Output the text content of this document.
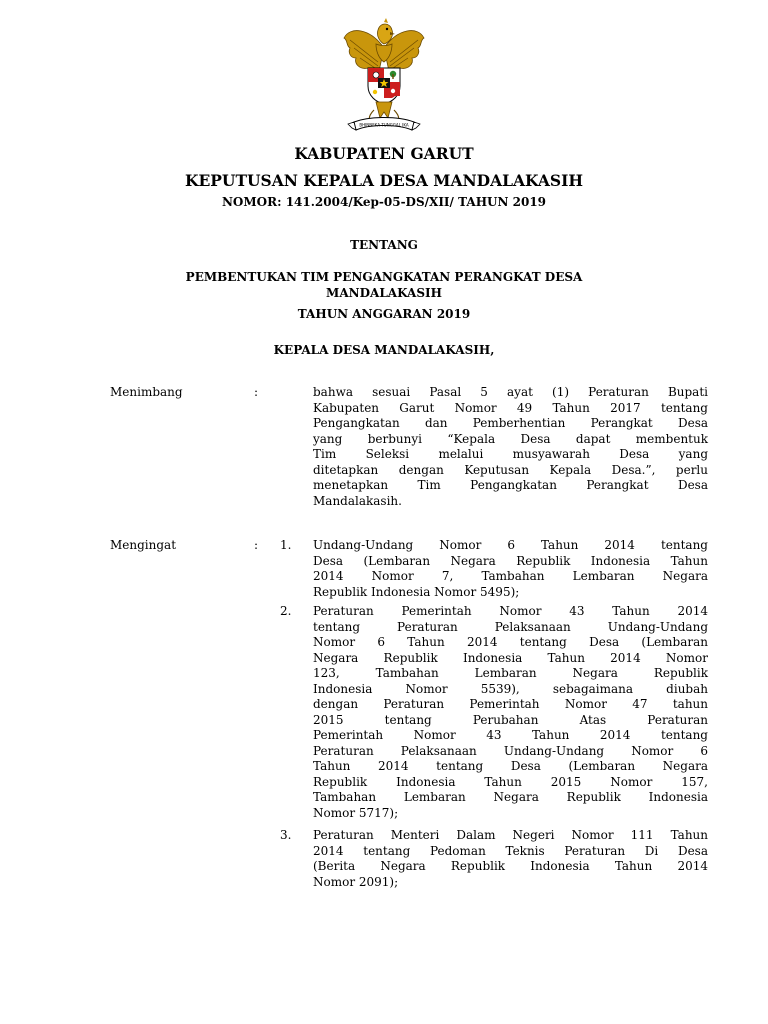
BHINNEKA TUNGGAL IKA
KABUPATEN GARUT
KEPUTUSAN KEPALA DESA MANDALAKASIH
NOMOR: 141.2004/Kep-05-DS/XII/ TAHUN 2019
TENTANG
PEMBENTUKAN TIM PENGANGKATAN PERANGKAT DESA
MANDALAKASIH
TAHUN ANGGARAN 2019
KEPALA DESA MANDALAKASIH,
Menimbang	:	bahwa sesuai Pasal 5 ayat (1) Peraturan Bupati
Kabupaten Garut Nomor 49 Tahun 2017 tentang
Pengangkatan dan Pemberhentian Perangkat Desa
yang berbunyi “Kepala Desa dapat membentuk
Tim Seleksi melalui musyawarah Desa yang
ditetapkan dengan Keputusan Kepala Desa.”, perlu
menetapkan Tim Pengangkatan Perangkat Desa
Mandalakasih.
Mengingat	: 1. Undang-Undang Nomor 6 Tahun 2014 tentang
Desa (Lembaran Negara Republik Indonesia Tahun
2014 Nomor 7, Tambahan Lembaran Negara
Republik Indonesia Nomor 5495);
2. Peraturan Pemerintah Nomor 43 Tahun 2014
tentang Peraturan Pelaksanaan Undang-Undang
Nomor 6 Tahun 2014 tentang Desa (Lembaran
Negara Republik Indonesia Tahun 2014 Nomor
123, Tambahan Lembaran Negara Republik
Indonesia Nomor 5539), sebagaimana diubah
dengan Peraturan Pemerintah Nomor 47 tahun
2015 tentang Perubahan Atas Peraturan
Pemerintah Nomor 43 Tahun 2014 tentang
Peraturan Pelaksanaan Undang-Undang Nomor 6
Tahun 2014 tentang Desa (Lembaran Negara
Republik Indonesia Tahun 2015 Nomor 157,
Tambahan Lembaran Negara Republik Indonesia
Nomor 5717);
3. Peraturan Menteri Dalam Negeri Nomor 111 Tahun
2014 tentang Pedoman Teknis Peraturan Di Desa
(Berita Negara Republik Indonesia Tahun 2014
Nomor 2091);
